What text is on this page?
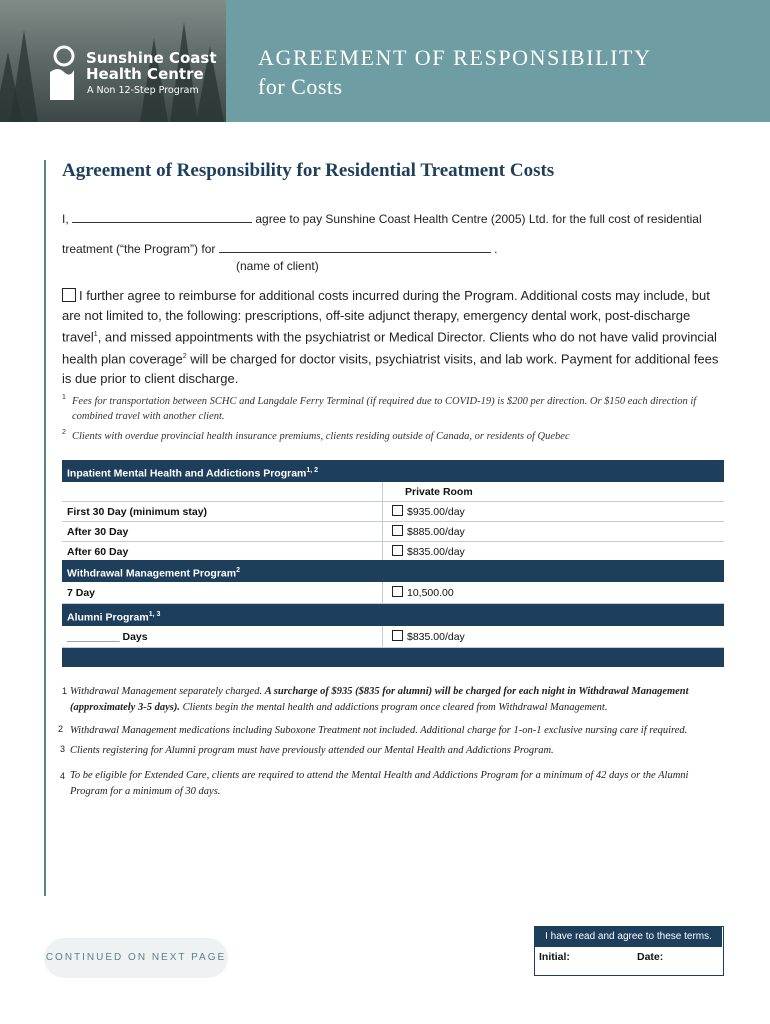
Sunshine Coast
Health Centre
A Non 12-Step Program
AGREEMENT OF RESPONSIBILITY
for Costs
Agreement of Responsibility for Residential Treatment Costs
I,	agree to pay Sunshine Coast Health Centre (2005) Ltd. for the full cost of residential
treatment (“the Program”) for	.
(name of client)
I further agree to reimburse for additional costs incurred during the Program. Additional costs may include, but are not limited to, the following: prescriptions, off-site adjunct therapy, emergency dental work, post-discharge travel$^1$, and missed appointments with the psychiatrist or Medical Director. Clients who do not have valid provincial health plan coverage$^2$ will be charged for doctor visits, psychiatrist visits, and lab work. Payment for additional fees is due prior to client discharge.
1 Fees for transportation between SCHC and Langdale Ferry Terminal (if required due to COVID-19) is $200 per direction. Or $150 each direction if combined travel with another client.
2 Clients with overdue provincial health insurance premiums, clients residing outside of Canada, or residents of Quebec
Inpatient Mental Health and Addictions Program$^{1, 2}$
Private Room
First 30 Day (minimum stay)	$935.00/day
After 30 Day	$885.00/day
After 60 Day	$835.00/day
Withdrawal Management Program$^2$
7 Day	10,500.00
Alumni Program$^{1, 3}$
_________ Days	$835.00/day
1 Withdrawal Management separately charged. A surcharge of $935 ($835 for alumni) will be charged for each night in Withdrawal Management (approximately 3-5 days). Clients begin the mental health and addictions program once cleared from Withdrawal Management.
2 Withdrawal Management medications including Suboxone Treatment not included. Additional charge for 1-on-1 exclusive nursing care if required.
3 Clients registering for Alumni program must have previously attended our Mental Health and Addictions Program.
4 To be eligible for Extended Care, clients are required to attend the Mental Health and Addictions Program for a minimum of 42 days or the Alumni Program for a minimum of 30 days.
CONTINUED ON NEXT PAGE
I have read and agree to these terms.
Initial:	Date:
